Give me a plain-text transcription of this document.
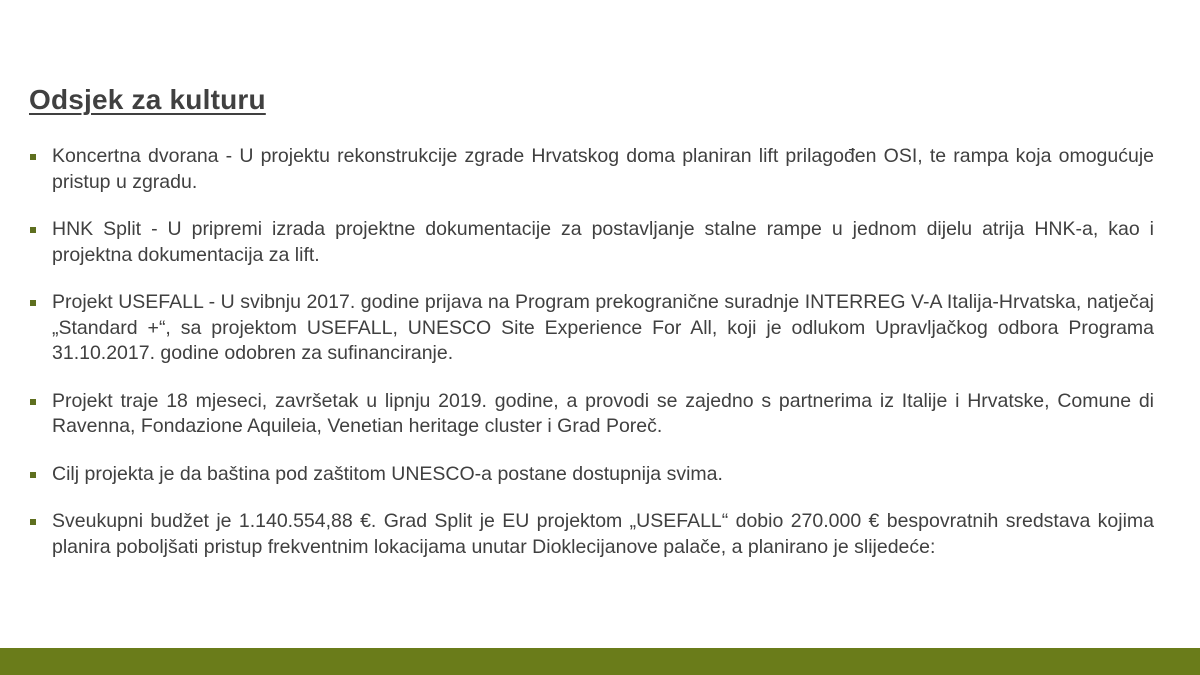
Odsjek za kulturu
Koncertna dvorana - U projektu rekonstrukcije zgrade Hrvatskog doma planiran lift prilagođen OSI, te rampa koja omogućuje pristup u zgradu.
HNK Split - U pripremi izrada projektne dokumentacije za postavljanje stalne rampe u jednom dijelu atrija HNK-a, kao i projektna dokumentacija za lift.
Projekt USEFALL - U svibnju 2017. godine prijava na Program prekogranične suradnje INTERREG V-A Italija-Hrvatska, natječaj „Standard +“, sa projektom USEFALL, UNESCO Site Experience For All, koji je odlukom Upravljačkog odbora Programa 31.10.2017. godine odobren za sufinanciranje.
Projekt traje 18 mjeseci, završetak u lipnju 2019. godine, a provodi se zajedno s partnerima iz Italije i Hrvatske, Comune di Ravenna, Fondazione Aquileia, Venetian heritage cluster i Grad Poreč.
Cilj projekta je da baština pod zaštitom UNESCO-a postane dostupnija svima.
Sveukupni budžet je 1.140.554,88 €. Grad Split je EU projektom „USEFALL“ dobio 270.000 € bespovratnih sredstava kojima planira poboljšati pristup frekventnim lokacijama unutar Dioklecijanove palače, a planirano je slijedeće:
